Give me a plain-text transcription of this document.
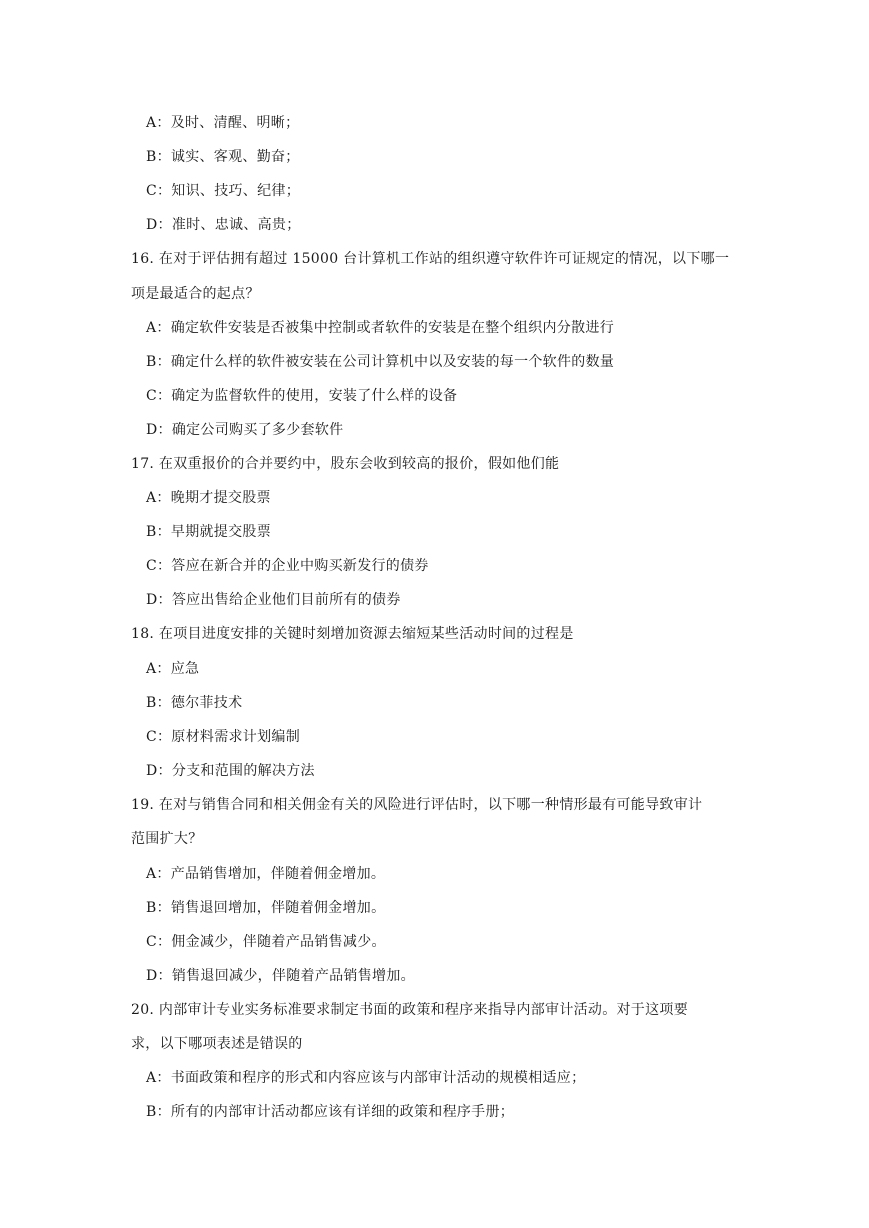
A：及时、清醒、明晰；
B：诚实、客观、勤奋；
C：知识、技巧、纪律；
D：准时、忠诚、高贵；
16. 在对于评估拥有超过 15000 台计算机工作站的组织遵守软件许可证规定的情况，以下哪一
项是最适合的起点？
A：确定软件安装是否被集中控制或者软件的安装是在整个组织内分散进行
B：确定什么样的软件被安装在公司计算机中以及安装的每一个软件的数量
C：确定为监督软件的使用，安装了什么样的设备
D：确定公司购买了多少套软件
17. 在双重报价的合并要约中，股东会收到较高的报价，假如他们能
A：晚期才提交股票
B：早期就提交股票
C：答应在新合并的企业中购买新发行的债券
D：答应出售给企业他们目前所有的债券
18. 在项目进度安排的关键时刻增加资源去缩短某些活动时间的过程是
A：应急
B：德尔菲技术
C：原材料需求计划编制
D：分支和范围的解决方法
19. 在对与销售合同和相关佣金有关的风险进行评估时，以下哪一种情形最有可能导致审计
范围扩大？
A：产品销售增加，伴随着佣金增加。
B：销售退回增加，伴随着佣金增加。
C：佣金减少，伴随着产品销售减少。
D：销售退回减少，伴随着产品销售增加。
20. 内部审计专业实务标准要求制定书面的政策和程序来指导内部审计活动。对于这项要
求，以下哪项表述是错误的
A：书面政策和程序的形式和内容应该与内部审计活动的规模相适应；
B：所有的内部审计活动都应该有详细的政策和程序手册；
